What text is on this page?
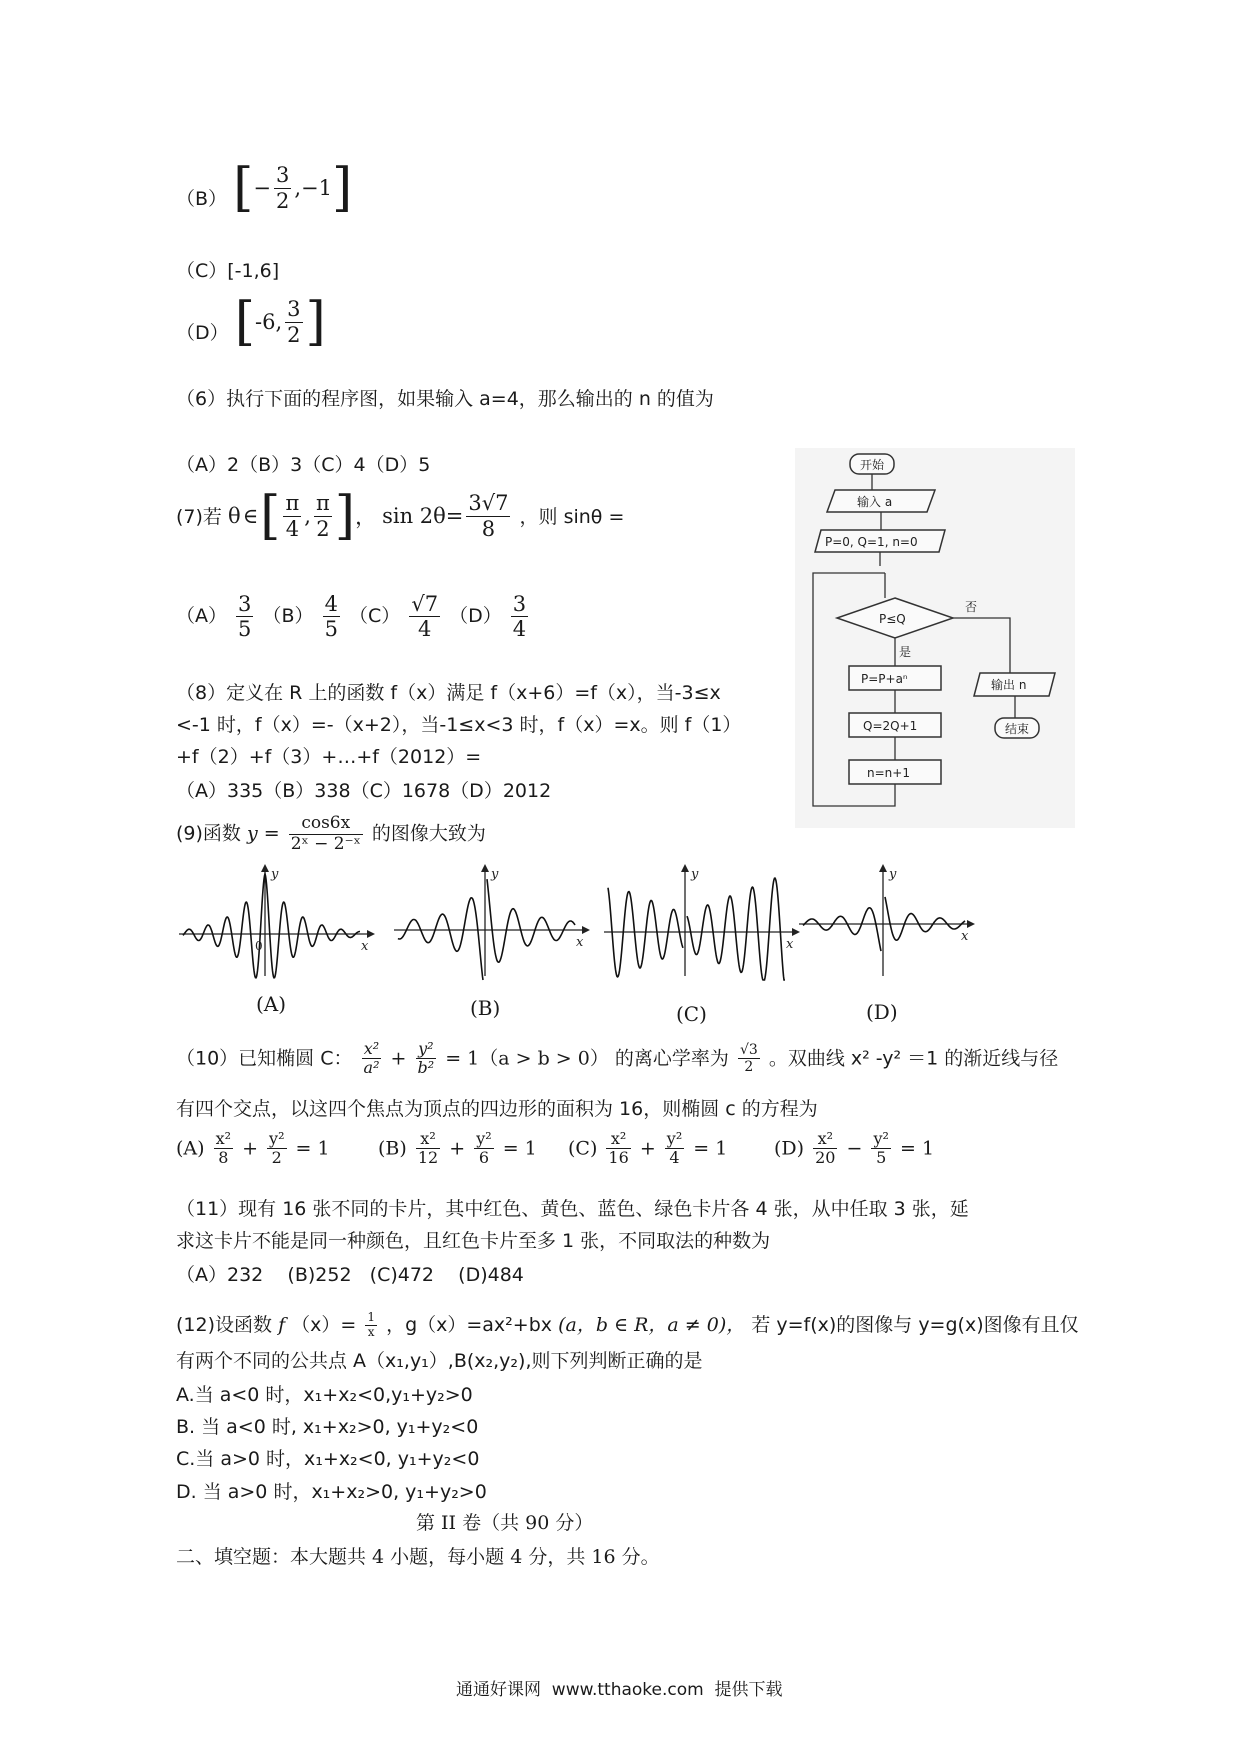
（B） [ − $\frac{3}{2} ,-1$ ]
（C）[-1,6]
（D） [ -6, $\frac{3}{2}$ ]
（6）执行下面的程序图，如果输入 a=4，那么输出的 n 的值为
（A）2（B）3（C）4（D）5
(7)若 θ ∈ [ $\frac{\pi}{4}$ , $\frac{\pi}{2}$ ] ， $\sin 2\theta= \frac{3√7}{8}$ ，则 sinθ =
$(A) \frac{3}{5} (B) \frac{4}{5} (C) \frac{√7}{4} (D) \frac{3}{4}$
（8）定义在 R 上的函数 f（x）满足 f（x+6）=f（x），当-3≤x
<-1 时，f（x）=-（x+2），当-1≤x<3 时，f（x）=x。则 f（1）
+f（2）+f（3）+…+f（2012）=
（A）335（B）338（C）1678（D）2012
开始
输入 a
P=0, Q=1, n=0
P≤Q
是
否
P=P+aⁿ
Q=2Q+1
n=n+1
输出 n
结束
(9)函数 $y = \frac{\cos 6x}{\text{2ˣ − 2⁻ˣ}}$ 的图像大致为
x
y
0	x
y
x
y
x
y
(A)	(B)	(C)	(D)
（10）已知椭圆 C： $\frac{\text{x²}}{\text{a²}} + \frac{\text{y²}}{\text{b²}} = 1(a > b > 0)$ 的离心学率为 $\frac{√3}{2}$ 。双曲线 x² -y² ＝1 的渐近线与径
有四个交点，以这四个焦点为顶点的四边形的面积为 16，则椭圆 c 的方程为
$(A) \frac{\text{x²}}{8} + \frac{\text{y²}}{2} = 1$	$(B) \frac{\text{x²}}{12} + \frac{\text{y²}}{6} = 1$ $(C) \frac{\text{x²}}{16} + \frac{\text{y²}}{4} = 1$ $(D) \frac{\text{x²}}{20} - \frac{\text{y²}}{5} = 1$
（11）现有 16 张不同的卡片，其中红色、黄色、蓝色、绿色卡片各 4 张，从中任取 3 张，延
求这卡片不能是同一种颜色，且红色卡片至多 1 张，不同取法的种数为
（A）232    (B)252   (C)472    (D)484
(12)设函数 f $(x)= \frac{1}{x}$ ，g（x）=ax²+bx (a，b ∈ R，a ≠ 0)， 若 y=f(x)的图像与 y=g(x)图像有且仅
有两个不同的公共点 A（x₁,y₁）,B(x₂,y₂),则下列判断正确的是
A.当 a<0 时，x₁+x₂<0,y₁+y₂>0
B. 当 a<0 时, x₁+x₂>0, y₁+y₂<0
C.当 a>0 时，x₁+x₂<0, y₁+y₂<0
D. 当 a>0 时，x₁+x₂>0, y₁+y₂>0
第 II 卷（共 90 分）
二、填空题：本大题共 4 小题，每小题 4 分，共 16 分。
通通好课网  www.tthaoke.com  提供下载
